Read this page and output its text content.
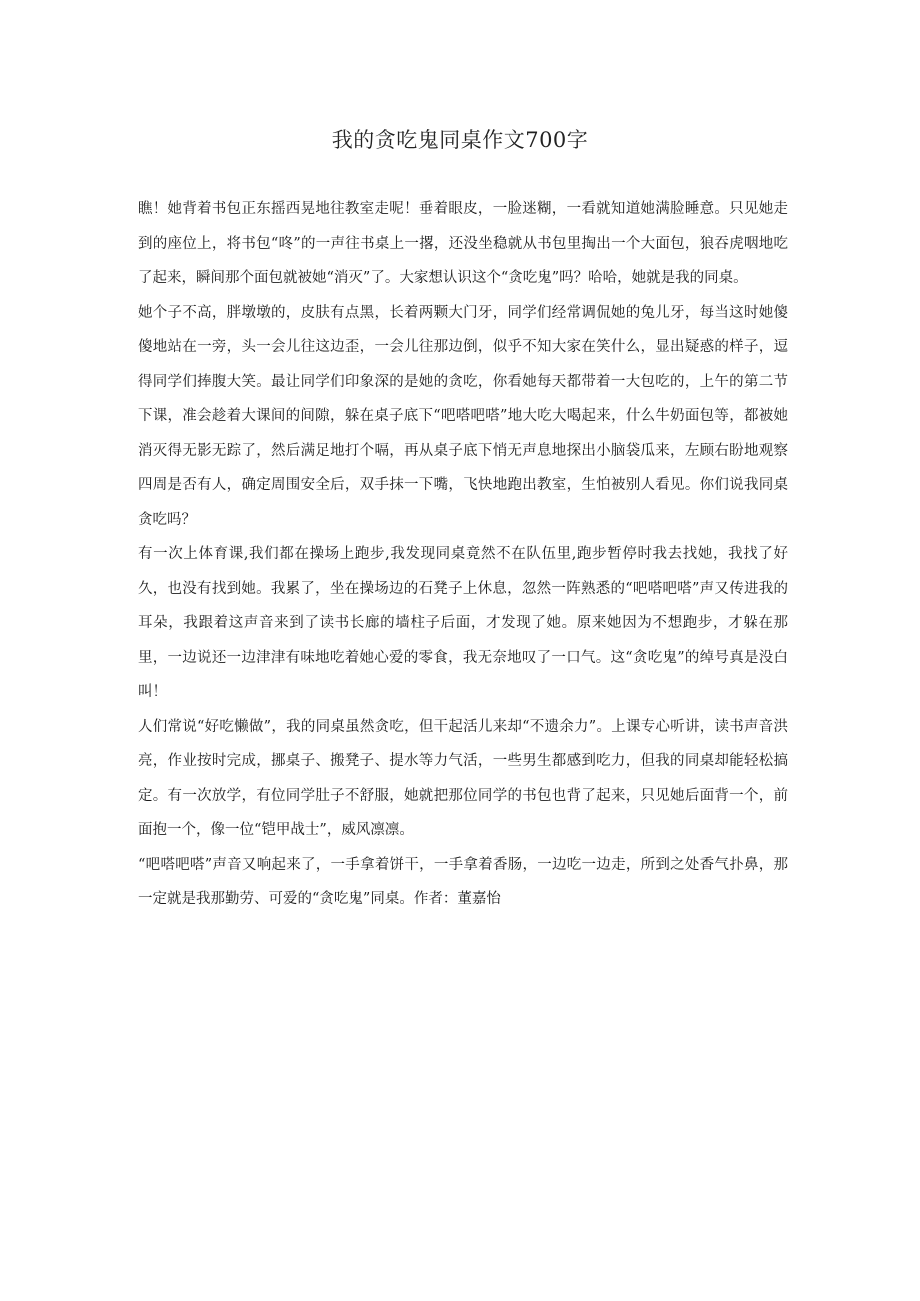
我的贪吃鬼同桌作文700字

瞧！她背着书包正东摇西晃地往教室走呢！垂着眼皮，一脸迷糊，一看就知道她满脸睡意。只见她走到的座位上，将书包“咚”的一声往书桌上一撂，还没坐稳就从书包里掏出一个大面包，狼吞虎咽地吃了起来，瞬间那个面包就被她“消灭”了。大家想认识这个“贪吃鬼”吗？哈哈，她就是我的同桌。

她个子不高，胖墩墩的，皮肤有点黑，长着两颗大门牙，同学们经常调侃她的兔儿牙，每当这时她傻傻地站在一旁，头一会儿往这边歪，一会儿往那边倒，似乎不知大家在笑什么，显出疑惑的样子，逗得同学们捧腹大笑。最让同学们印象深的是她的贪吃，你看她每天都带着一大包吃的，上午的第二节下课，准会趁着大课间的间隙，躲在桌子底下“吧嗒吧嗒”地大吃大喝起来，什么牛奶面包等，都被她消灭得无影无踪了，然后满足地打个嗝，再从桌子底下悄无声息地探出小脑袋瓜来，左顾右盼地观察四周是否有人，确定周围安全后，双手抹一下嘴，飞快地跑出教室，生怕被别人看见。你们说我同桌贪吃吗？

有一次上体育课,我们都在操场上跑步,我发现同桌竟然不在队伍里,跑步暂停时我去找她，我找了好久，也没有找到她。我累了，坐在操场边的石凳子上休息，忽然一阵熟悉的“吧嗒吧嗒”声又传进我的耳朵，我跟着这声音来到了读书长廊的墙柱子后面，才发现了她。原来她因为不想跑步，才躲在那里，一边说还一边津津有味地吃着她心爱的零食，我无奈地叹了一口气。这“贪吃鬼”的绰号真是没白叫！

人们常说“好吃懒做”，我的同桌虽然贪吃，但干起活儿来却“不遗余力”。上课专心听讲，读书声音洪亮，作业按时完成，挪桌子、搬凳子、提水等力气活，一些男生都感到吃力，但我的同桌却能轻松搞定。有一次放学，有位同学肚子不舒服，她就把那位同学的书包也背了起来，只见她后面背一个，前面抱一个，像一位“铠甲战士”，威风凛凛。

“吧嗒吧嗒”声音又响起来了，一手拿着饼干，一手拿着香肠，一边吃一边走，所到之处香气扑鼻，那一定就是我那勤劳、可爱的“贪吃鬼”同桌。作者：董嘉怡
